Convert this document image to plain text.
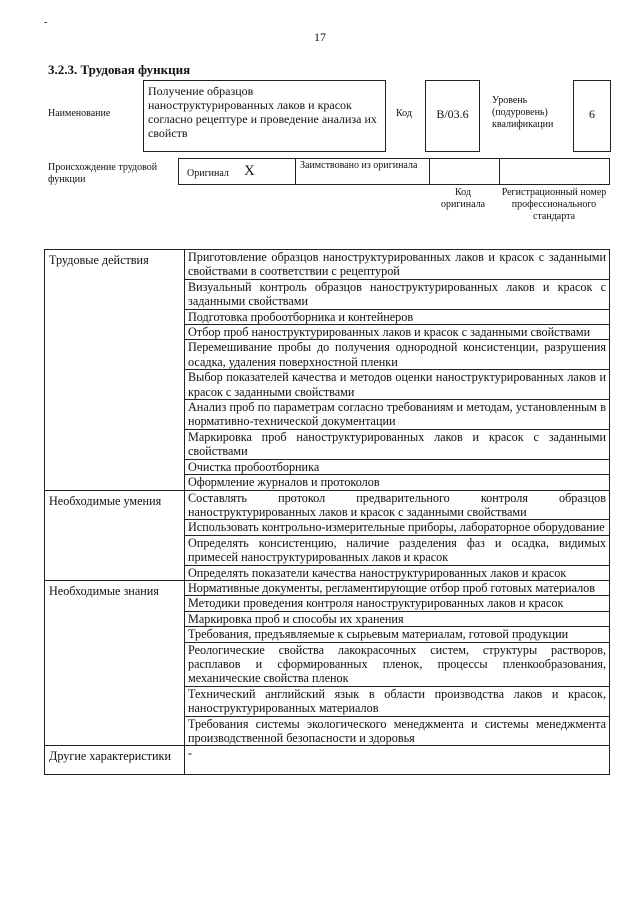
-
17
3.2.3. Трудовая функция
Наименование
Получение образцов наноструктурированных лаков и красок согласно рецептуре и проведение анализа их свойств
Код	B/03.6
Уровень (подуровень) квалификации
6
Происхождение трудовой функции
Оригинал X	Заимствовано из оригинала
Код оригинала
Регистрационный номер профессионального стандарта
Трудовые действия	Приготовление образцов наноструктурированных лаков и красок с заданными свойствами в соответствии с рецептурой
	Визуальный контроль образцов наноструктурированных лаков и красок с заданными свойствами
	Подготовка пробоотборника и контейнеров
	Отбор проб наноструктурированных лаков и красок с заданными свойствами
	Перемешивание пробы до получения однородной консистенции, разрушения осадка, удаления поверхностной пленки
	Выбор показателей качества и методов оценки наноструктурированных лаков и красок с заданными свойствами
	Анализ проб по параметрам согласно требованиям и методам, установленным в нормативно-технической документации
	Маркировка проб наноструктурированных лаков и красок с заданными свойствами
	Очистка пробоотборника
	Оформление журналов и протоколов
Необходимые умения	Составлять протокол предварительного контроля образцов наноструктурированных лаков и красок с заданными свойствами
	Использовать контрольно-измерительные приборы, лабораторное оборудование
	Определять консистенцию, наличие разделения фаз и осадка, видимых примесей наноструктурированных лаков и красок
	Определять показатели качества наноструктурированных лаков и красок
Необходимые знания	Нормативные документы, регламентирующие отбор проб готовых материалов
	Методики проведения контроля наноструктурированных лаков и красок
	Маркировка проб и способы их хранения
	Требования, предъявляемые к сырьевым материалам, готовой продукции
	Реологические свойства лакокрасочных систем, структуры растворов, расплавов и сформированных пленок, процессы пленкообразования, механические свойства пленок
	Технический английский язык в области производства лаков и красок, наноструктурированных материалов
	Требования системы экологического менеджмента и системы менеджмента производственной безопасности и здоровья
Другие характеристики	-
